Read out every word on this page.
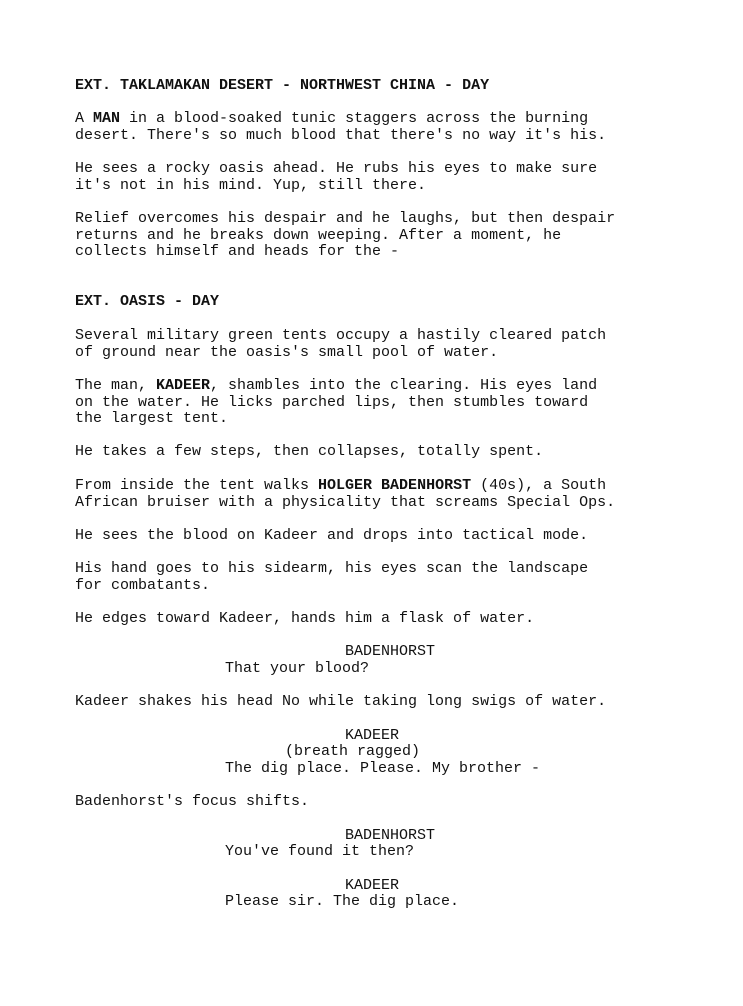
EXT. TAKLAMAKAN DESERT - NORTHWEST CHINA - DAY

A MAN in a blood-soaked tunic staggers across the burning
desert. There's so much blood that there's no way it's his.

He sees a rocky oasis ahead. He rubs his eyes to make sure
it's not in his mind. Yup, still there.

Relief overcomes his despair and he laughs, but then despair
returns and he breaks down weeping. After a moment, he
collects himself and heads for the -

EXT. OASIS - DAY

Several military green tents occupy a hastily cleared patch
of ground near the oasis's small pool of water.

The man, KADEER, shambles into the clearing. His eyes land
on the water. He licks parched lips, then stumbles toward
the largest tent.

He takes a few steps, then collapses, totally spent.

From inside the tent walks HOLGER BADENHORST (40s), a South
African bruiser with a physicality that screams Special Ops.

He sees the blood on Kadeer and drops into tactical mode.

His hand goes to his sidearm, his eyes scan the landscape
for combatants.

He edges toward Kadeer, hands him a flask of water.

BADENHORST

That your blood?

Kadeer shakes his head No while taking long swigs of water.

KADEER

(breath ragged)

The dig place. Please. My brother -

Badenhorst's focus shifts.

BADENHORST

You've found it then?

KADEER

Please sir. The dig place.
